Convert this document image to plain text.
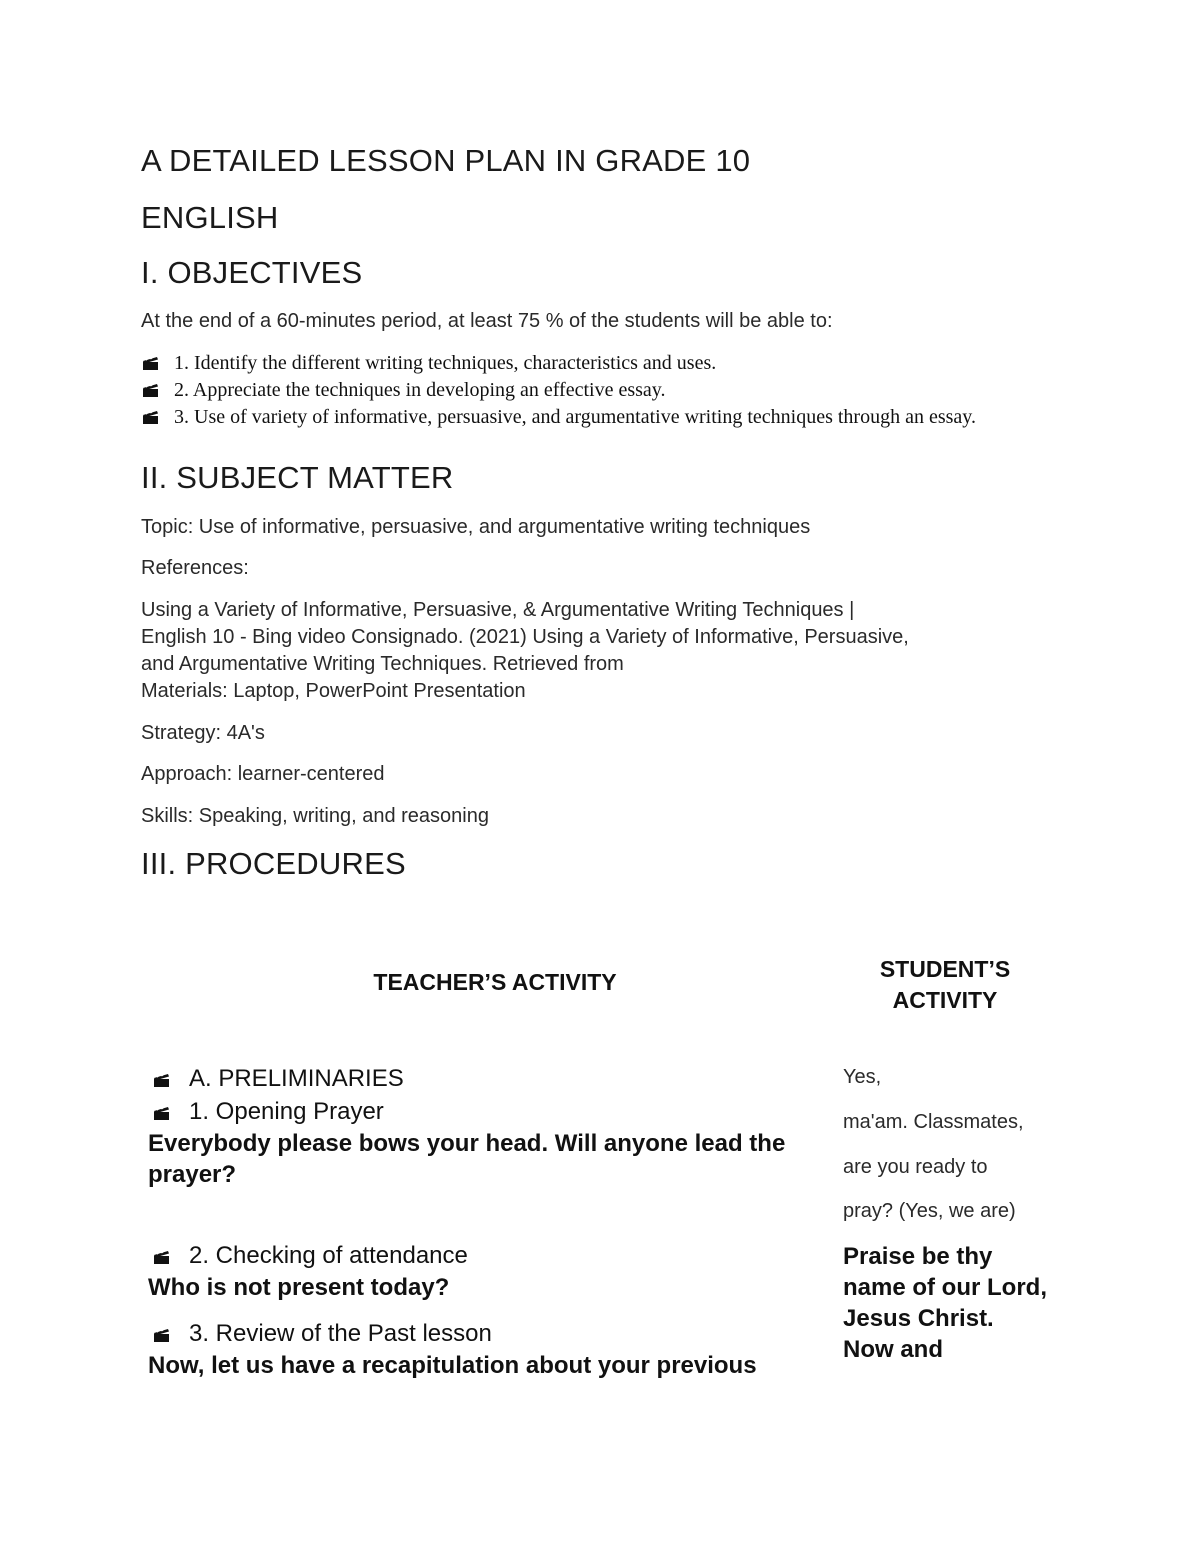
A DETAILED LESSON PLAN IN GRADE 10
ENGLISH
I. OBJECTIVES
At the end of a 60-minutes period, at least 75 % of the students will be able to:
1. Identify the different writing techniques, characteristics and uses.
2. Appreciate the techniques in developing an effective essay.
3. Use of variety of informative, persuasive, and argumentative writing techniques through an essay.
II. SUBJECT MATTER
Topic: Use of informative, persuasive, and argumentative writing techniques
References:
Using a Variety of Informative, Persuasive, & Argumentative Writing Techniques |
English 10 - Bing video Consignado. (2021) Using a Variety of Informative, Persuasive,
and Argumentative Writing Techniques. Retrieved from
Materials: Laptop, PowerPoint Presentation
Strategy: 4A's
Approach: learner-centered
Skills: Speaking, writing, and reasoning
III. PROCEDURES
TEACHER’S ACTIVITY	STUDENT’S
ACTIVITY
A. PRELIMINARIES
1. Opening Prayer
Everybody please bows your head. Will anyone lead the prayer?
2. Checking of attendance
Who is not present today?
3. Review of the Past lesson
Now, let us have a recapitulation about your previous
Yes,
ma'am. Classmates,
are you ready to
pray? (Yes, we are)
Praise be thy name of our Lord, Jesus Christ. Now and
